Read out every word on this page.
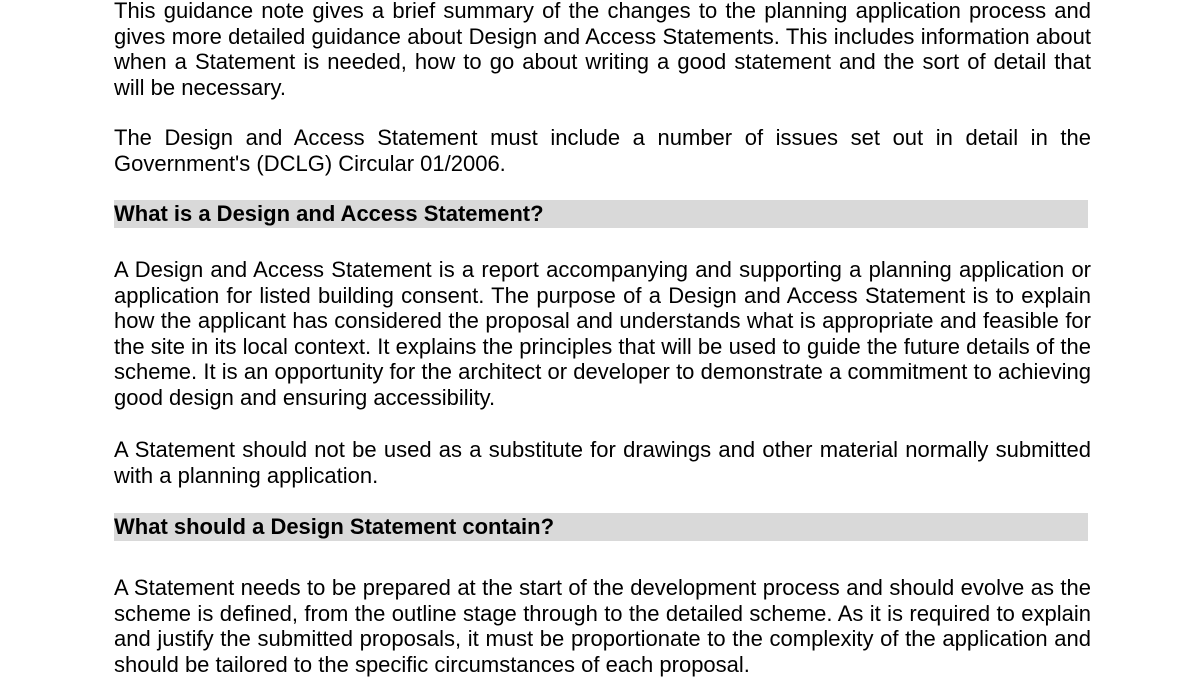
This guidance note gives a brief summary of the changes to the planning application process and gives more detailed guidance about Design and Access Statements. This includes information about when a Statement is needed, how to go about writing a good statement and the sort of detail that will be necessary.

The Design and Access Statement must include a number of issues set out in detail in the Government's (DCLG) Circular 01/2006.

What is a Design and Access Statement?

A Design and Access Statement is a report accompanying and supporting a planning application or application for listed building consent. The purpose of a Design and Access Statement is to explain how the applicant has considered the proposal and understands what is appropriate and feasible for the site in its local context. It explains the principles that will be used to guide the future details of the scheme. It is an opportunity for the architect or developer to demonstrate a commitment to achieving good design and ensuring accessibility.

A Statement should not be used as a substitute for drawings and other material normally submitted with a planning application.

What should a Design Statement contain?

A Statement needs to be prepared at the start of the development process and should evolve as the scheme is defined, from the outline stage through to the detailed scheme. As it is required to explain and justify the submitted proposals, it must be proportionate to the complexity of the application and should be tailored to the specific circumstances of each proposal.
